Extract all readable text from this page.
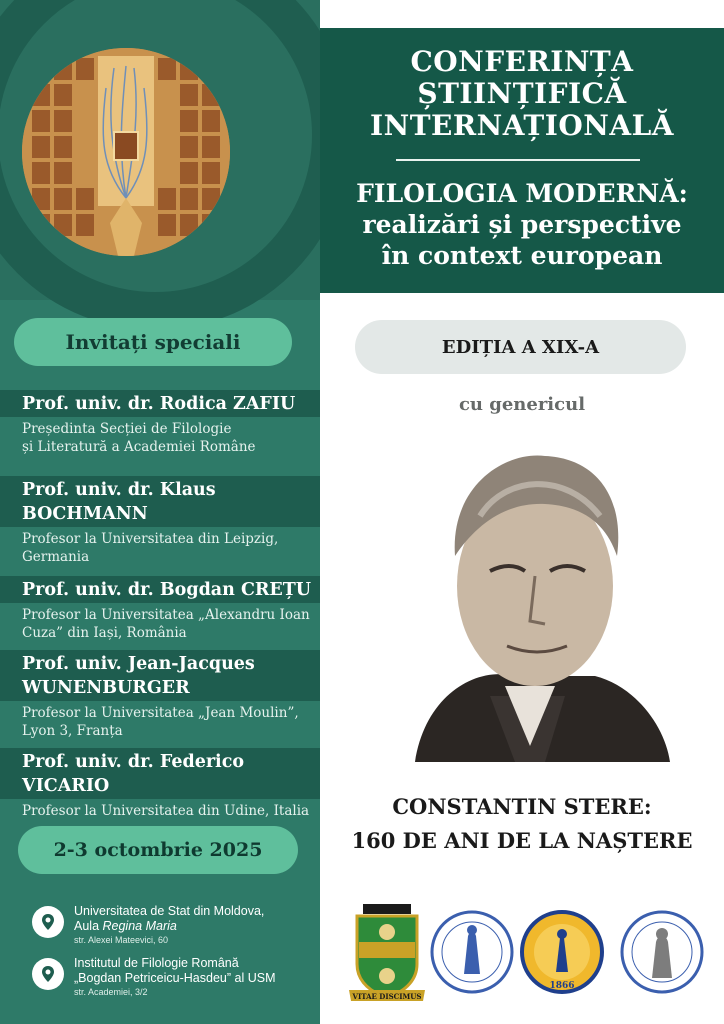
Invitați speciali
Prof. univ. dr. Rodica ZAFIU
Președinta Secției de Filologie
și Literatură a Academiei Române
Prof. univ. dr. Klaus
BOCHMANN
Profesor la Universitatea din Leipzig,
Germania
Prof. univ. dr. Bogdan CREȚU
Profesor la Universitatea „Alexandru Ioan
Cuza” din Iași, România
Prof. univ. Jean-Jacques
WUNENBURGER
Profesor la Universitatea „Jean Moulin”,
Lyon 3, Franța
Prof. univ. dr. Federico VICARIO
Profesor la Universitatea din Udine, Italia
2-3 octombrie 2025
Universitatea de Stat din Moldova,
Aula Regina Maria
str. Alexei Mateevici, 60
Institutul de Filologie Română
„Bogdan Petriceicu-Hasdeu” al USM
str. Academiei, 3/2
CONFERINȚA
ȘTIINȚIFICĂ
INTERNAȚIONALĂ
FILOLOGIA MODERNĂ:
realizări și perspective
în context european
EDIȚIA A XIX-A
cu genericul
CONSTANTIN STERE:
160 DE ANI DE LA NAȘTERE
VITAE DISCIMUS
1866
